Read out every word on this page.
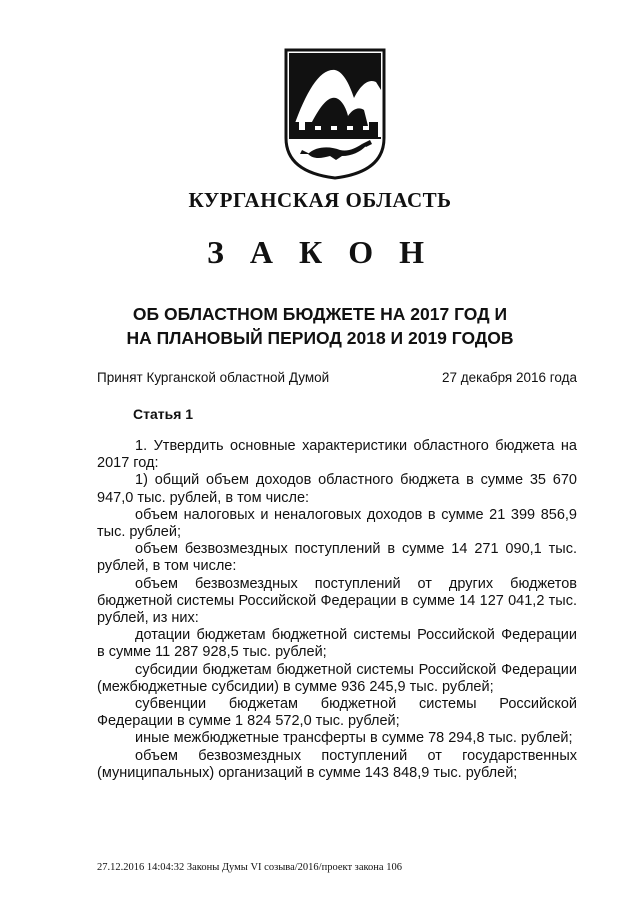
КУРГАНСКАЯ ОБЛАСТЬ
З А К О Н
ОБ ОБЛАСТНОМ БЮДЖЕТЕ НА 2017 ГОД И
НА ПЛАНОВЫЙ ПЕРИОД 2018 И 2019 ГОДОВ
Принят Курганской областной Думой	27 декабря 2016 года
Статья 1

1. Утвердить основные характеристики областного бюджета на 2017 год:

1) общий объем доходов областного бюджета в сумме 35 670 947,0 тыс. рублей, в том числе:

объем налоговых и неналоговых доходов в сумме 21 399 856,9 тыс. рублей;

объем безвозмездных поступлений в сумме 14 271 090,1 тыс. рублей, в том числе:

объем безвозмездных поступлений от других бюджетов бюджетной системы Российской Федерации в сумме 14 127 041,2 тыс. рублей, из них:

дотации бюджетам бюджетной системы Российской Федерации в сумме 11 287 928,5 тыс. рублей;

субсидии бюджетам бюджетной системы Российской Федерации (межбюджетные субсидии) в сумме 936 245,9 тыс. рублей;

субвенции бюджетам бюджетной системы Российской Федерации в сумме 1 824 572,0 тыс. рублей;

иные межбюджетные трансферты в сумме 78 294,8 тыс. рублей;

объем безвозмездных поступлений от государственных (муниципальных) организаций в сумме 143 848,9 тыс. рублей;

27.12.2016 14:04:32 Законы Думы VI созыва/2016/проект закона 106
